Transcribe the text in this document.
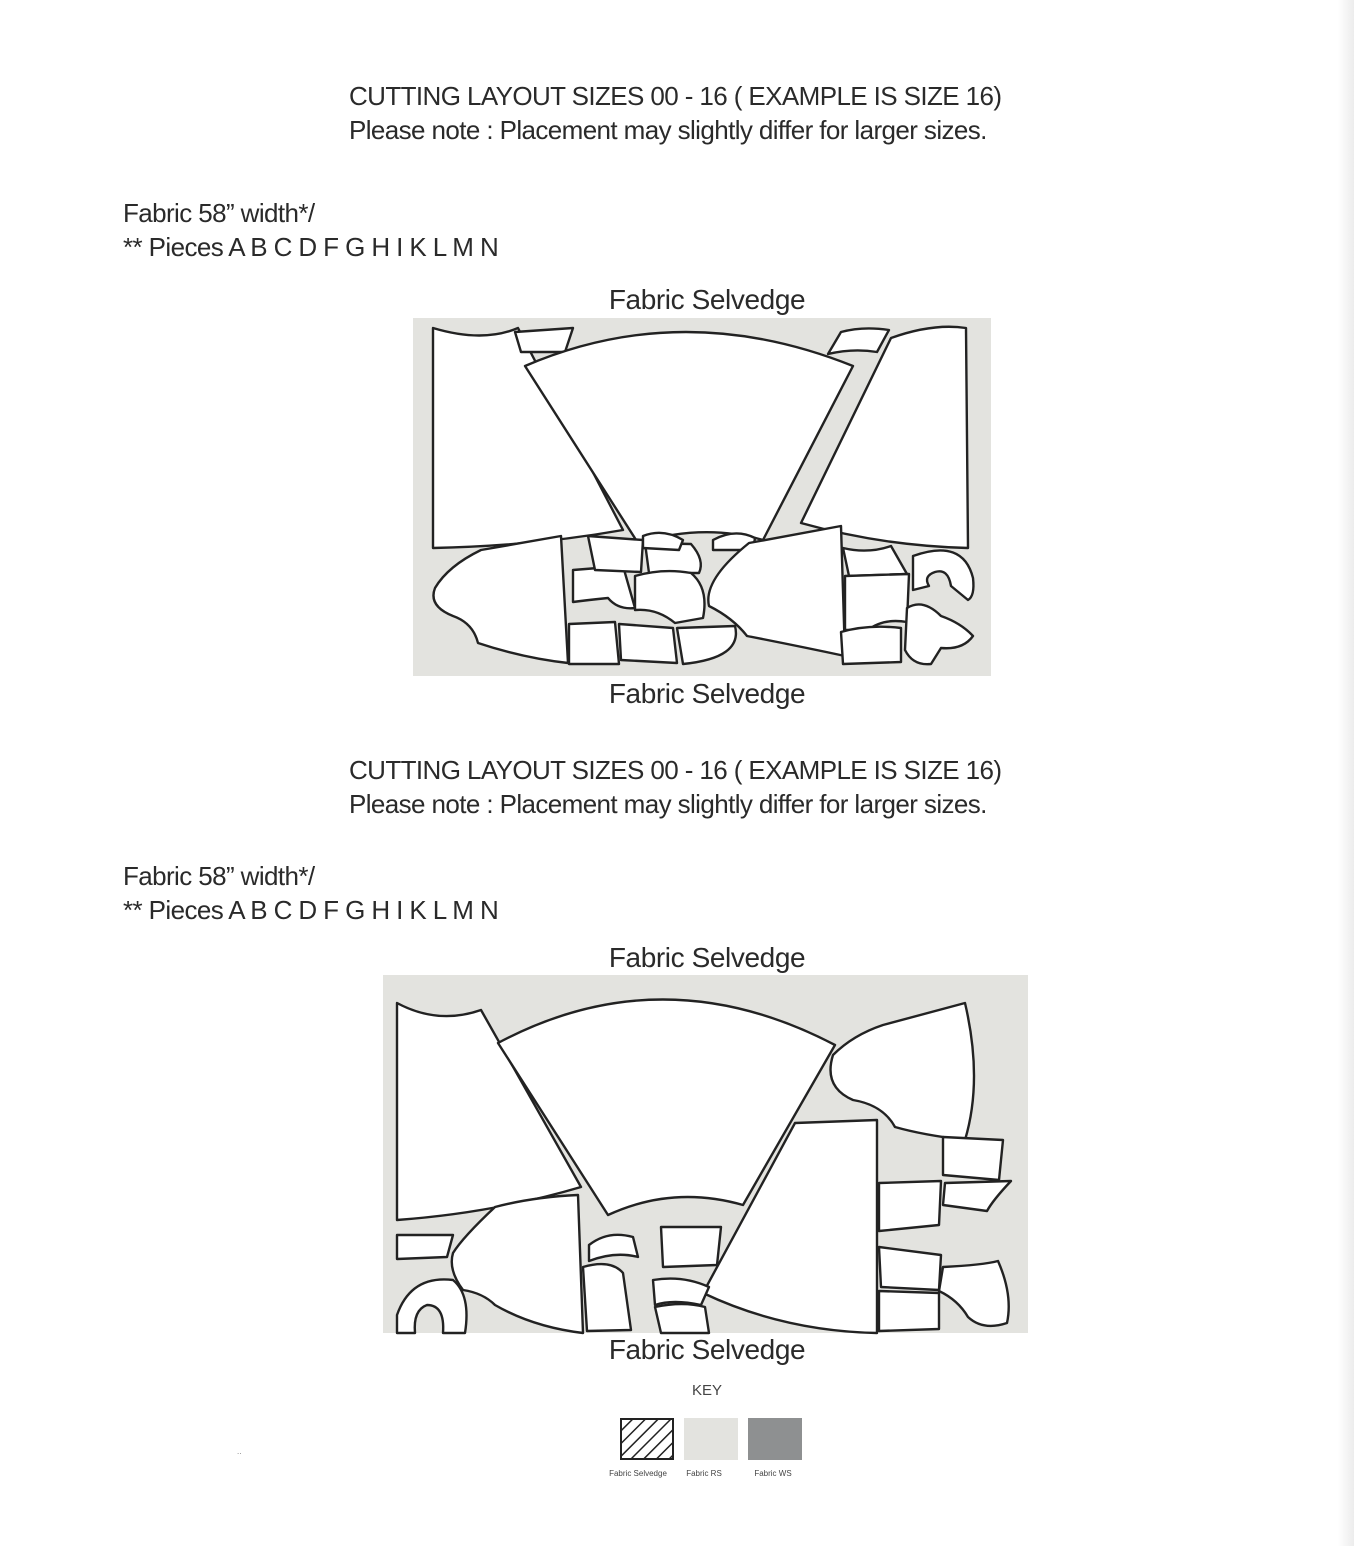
CUTTING LAYOUT SIZES 00 - 16 ( EXAMPLE IS SIZE 16)
Please note : Placement may slightly differ for larger sizes.
Fabric 58” width*/
** Pieces A B C D F G H I K L M N
Fabric Selvedge
Fabric Selvedge
CUTTING LAYOUT SIZES 00 - 16 ( EXAMPLE IS SIZE 16)
Please note : Placement may slightly differ for larger sizes.
Fabric 58” width*/
** Pieces A B C D F G H I K L M N
Fabric Selvedge
Fabric Selvedge
KEY
Fabric Selvedge Fabric RS	Fabric WS
..
